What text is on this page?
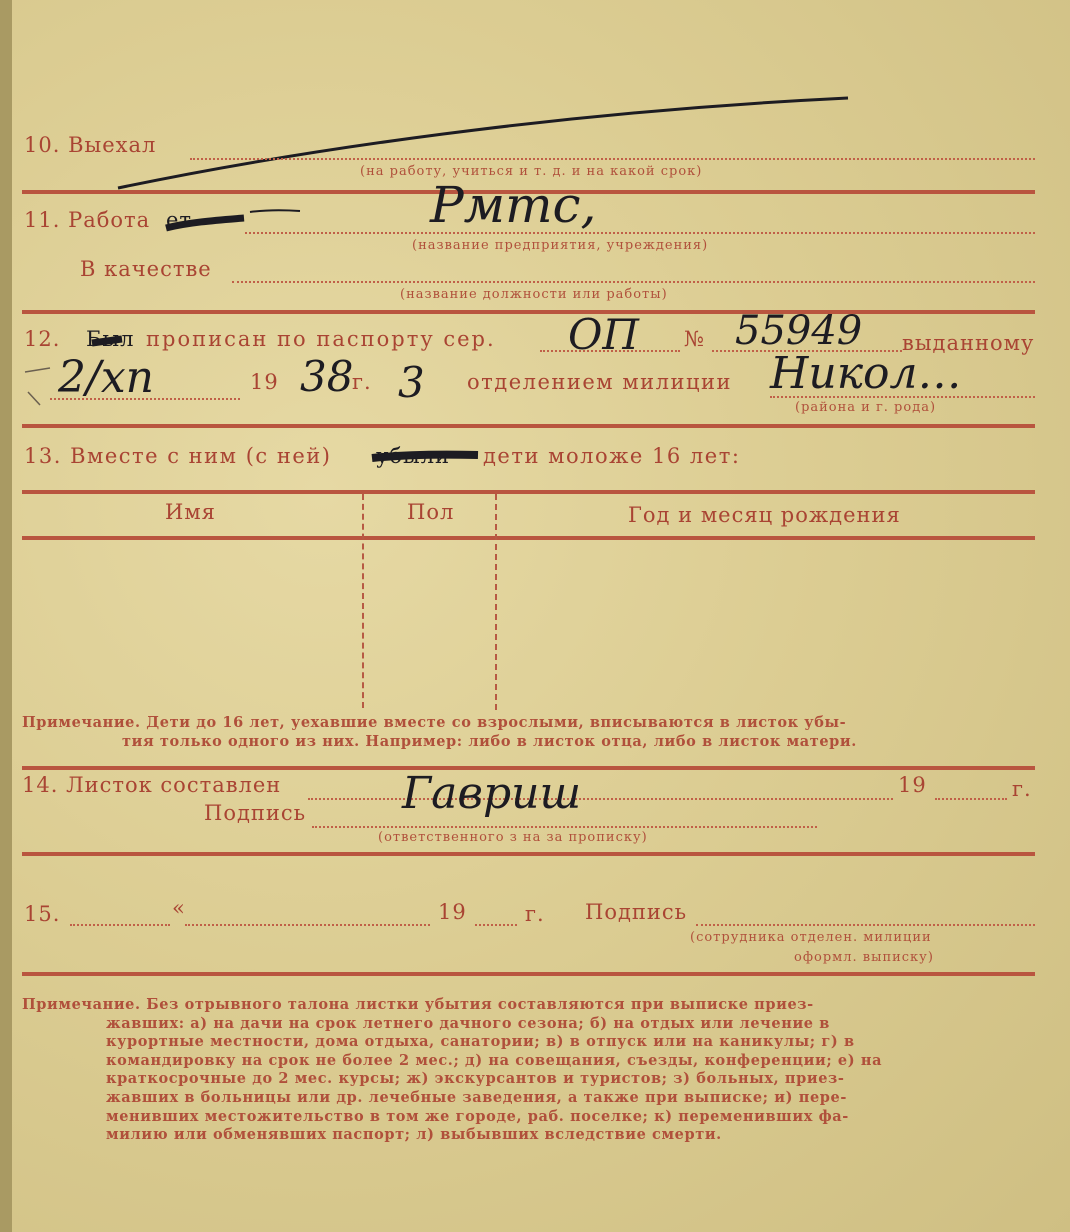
10. Выехал
(на работу, учиться и т. д. и на какой срок)
11. Работа ет	Рмтс,
(название предприятия, учреждения)
В качестве
(название должности или работы)
12. Был прописан по паспорту сер. ОП № 55949 выданному
2/хп	19 38
г. 3 отделением милиции Никол…
(района и г. рода)
13. Вместе с ним (с ней) убыли дети моложе 16 лет:
Имя	Пол	Год и месяц рождения
Примечание. Дети до 16 лет, уехавшие вместе со взрослыми, вписываются в листок убы-
тия только одного из них. Например: либо в листок отца, либо в листок матери.
14. Листок составлен	19	г.
Подпись Гавриш
(ответственного з на за прописку)
15.	«	19	г. Подпись
(сотрудника отделен. милиции
оформл. выписку)
Примечание. Без отрывного талона листки убытия составляются при выписке приез-
жавших: а) на дачи на срок летнего дачного сезона; б) на отдых или лечение в
курортные местности, дома отдыха, санатории; в) в отпуск или на каникулы; г) в
командировку на срок не более 2 мес.; д) на совещания, съезды, конференции; е) на
краткосрочные до 2 мес. курсы; ж) экскурсантов и туристов; з) больных, приез-
жавших в больницы или др. лечебные заведения, а также при выписке; и) пере-
менивших местожительство в том же городе, раб. поселке; к) переменивших фа-
милию или обменявших паспорт; л) выбывших вследствие смерти.
